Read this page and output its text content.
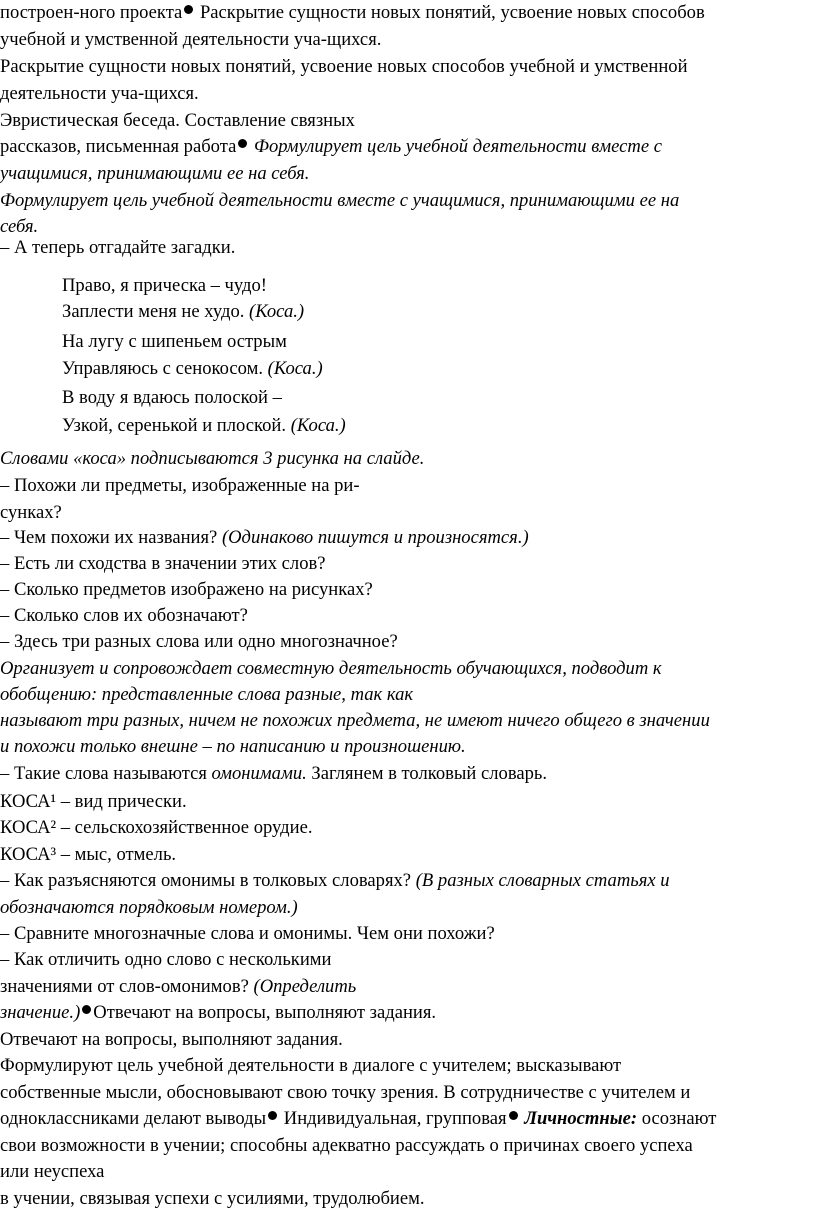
построен-ного проекта Раскрытие сущности новых понятий, усвоение новых способов
учебной и умственной деятельности уча-щихся.
Раскрытие сущности новых понятий, усвоение новых способов учебной и умственной
деятельности уча-щихся.
Эвристическая беседа. Составление связных
рассказов, письменная работа Формулирует цель учебной деятельности вместе с
учащимися, принимающими ее на себя.
Формулирует цель учебной деятельности вместе с учащимися, принимающими ее на
себя.
– А теперь отгадайте загадки.
Право, я прическа – чудо!
Заплести меня не худо. (Коса.)
На лугу с шипеньем острым
Управляюсь с сенокосом. (Коса.)
В воду я вдаюсь полоской –
Узкой, серенькой и плоской. (Коса.)
Словами «коса» подписываются 3 рисунка на слайде.
– Похожи ли предметы, изображенные на ри-
сунках?
– Чем похожи их названия? (Одинаково пишутся и произносятся.)
– Есть ли сходства в значении этих слов?
– Сколько предметов изображено на рисунках?
– Сколько слов их обозначают?
– Здесь три разных слова или одно многозначное?
Организует и сопровождает совместную деятельность обучающихся, подводит к
обобщению: представленные слова разные, так как
называют три разных, ничем не похожих предмета, не имеют ничего общего в значении
и похожи только внешне – по написанию и произношению.
– Такие слова называются омонимами. Заглянем в толковый словарь.
КОСА¹ – вид прически.
КОСА² – сельскохозяйственное орудие.
КОСА³ – мыс, отмель.
– Как разъясняются омонимы в толковых словарях? (В разных словарных статьях и
обозначаются порядковым номером.)
– Сравните многозначные слова и омонимы. Чем они похожи?
– Как отличить одно слово с несколькими
значениями от слов-омонимов? (Определить
значение.) Отвечают на вопросы, выполняют задания.
Отвечают на вопросы, выполняют задания.
Формулируют цель учебной деятельности в диалоге с учителем; высказывают
собственные мысли, обосновывают свою точку зрения. В сотрудничестве с учителем и
одноклассниками делают выводы Индивидуальная, групповая Личностные: осознают
свои возможности в учении; способны адекватно рассуждать о причинах своего успеха
или неуспеха
в учении, связывая успехи с усилиями, трудолюбием.
